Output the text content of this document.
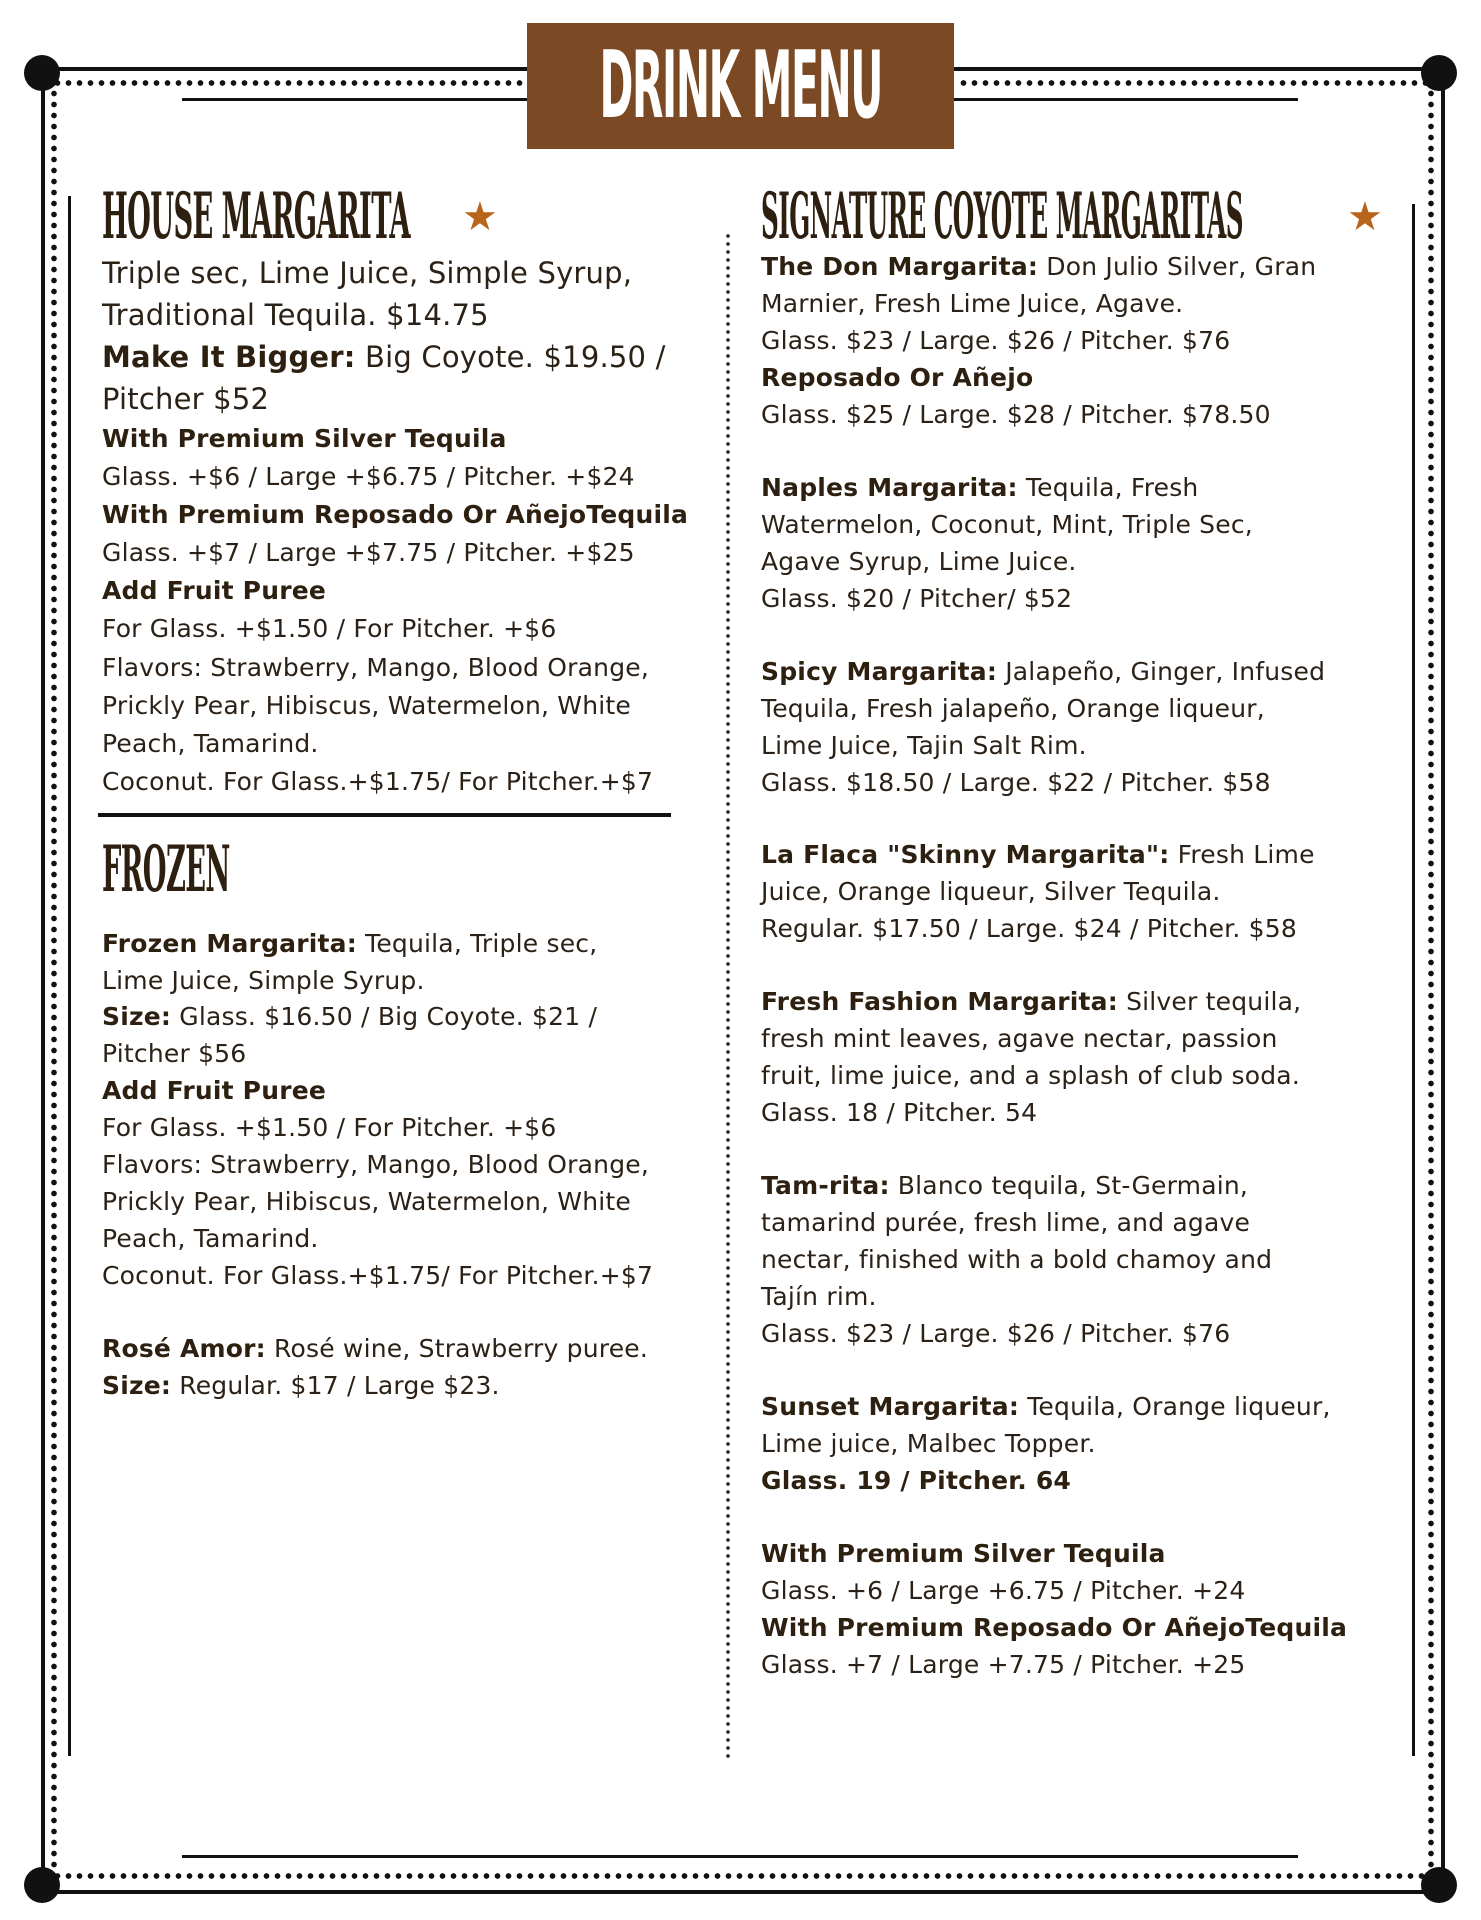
DRINK MENU
HOUSE MARGARITA ★
Triple sec, Lime Juice, Simple Syrup,
Traditional Tequila. $14.75
Make It Bigger: Big Coyote. $19.50 /
Pitcher $52
With Premium Silver Tequila
Glass. +$6 / Large +$6.75 / Pitcher. +$24
With Premium Reposado Or AñejoTequila
Glass. +$7 / Large +$7.75 / Pitcher. +$25
Add Fruit Puree
For Glass. +$1.50 / For Pitcher. +$6
Flavors: Strawberry, Mango, Blood Orange,
Prickly Pear, Hibiscus, Watermelon, White
Peach, Tamarind.
Coconut. For Glass.+$1.75/ For Pitcher.+$7
FROZEN
Frozen Margarita: Tequila, Triple sec,
Lime Juice, Simple Syrup.
Size: Glass. $16.50 / Big Coyote. $21 /
Pitcher $56
Add Fruit Puree
For Glass. +$1.50 / For Pitcher. +$6
Flavors: Strawberry, Mango, Blood Orange,
Prickly Pear, Hibiscus, Watermelon, White
Peach, Tamarind.
Coconut. For Glass.+$1.75/ For Pitcher.+$7
Rosé Amor: Rosé wine, Strawberry puree.
Size: Regular. $17 / Large $23.
SIGNATURE COYOTE MARGARITAS	★
The Don Margarita: Don Julio Silver, Gran
Marnier, Fresh Lime Juice, Agave.
Glass. $23 / Large. $26 / Pitcher. $76
Reposado Or Añejo
Glass. $25 / Large. $28 / Pitcher. $78.50
Naples Margarita: Tequila, Fresh
Watermelon, Coconut, Mint, Triple Sec,
Agave Syrup, Lime Juice.
Glass. $20 / Pitcher/ $52
Spicy Margarita: Jalapeño, Ginger, Infused
Tequila, Fresh jalapeño, Orange liqueur,
Lime Juice, Tajin Salt Rim.
Glass. $18.50 / Large. $22 / Pitcher. $58
La Flaca "Skinny Margarita": Fresh Lime
Juice, Orange liqueur, Silver Tequila.
Regular. $17.50 / Large. $24 / Pitcher. $58
Fresh Fashion Margarita: Silver tequila,
fresh mint leaves, agave nectar, passion
fruit, lime juice, and a splash of club soda.
Glass. 18 / Pitcher. 54
Tam-rita: Blanco tequila, St-Germain,
tamarind purée, fresh lime, and agave
nectar, finished with a bold chamoy and
Tajín rim.
Glass. $23 / Large. $26 / Pitcher. $76
Sunset Margarita: Tequila, Orange liqueur,
Lime juice, Malbec Topper.
Glass. 19 / Pitcher. 64
With Premium Silver Tequila
Glass. +6 / Large +6.75 / Pitcher. +24
With Premium Reposado Or AñejoTequila
Glass. +7 / Large +7.75 / Pitcher. +25
